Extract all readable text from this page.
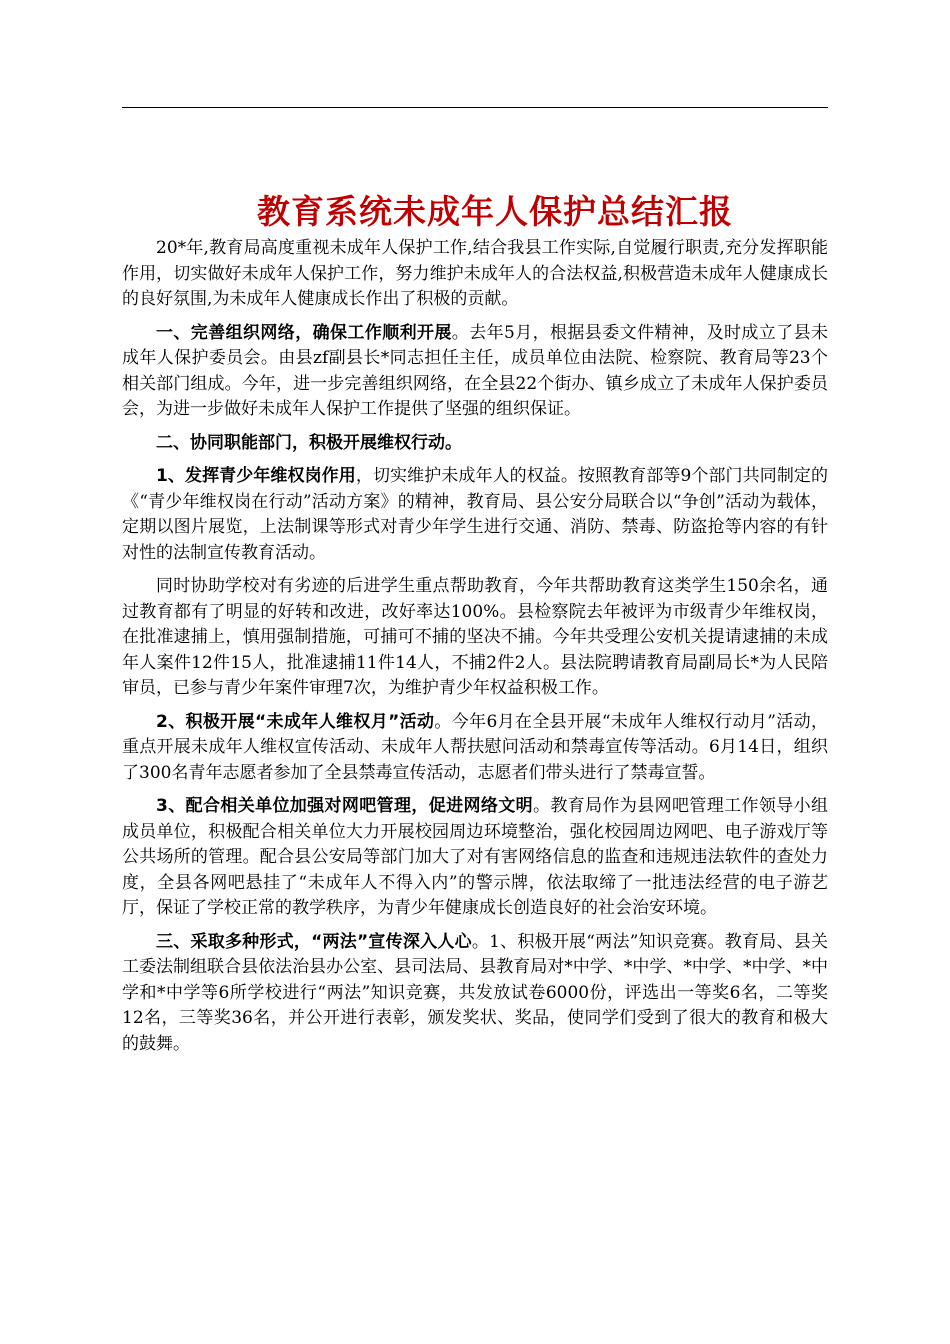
教育系统未成年人保护总结汇报

20*年,教育局高度重视未成年人保护工作,结合我县工作实际,自觉履行职责,充分发挥职能作用，切实做好未成年人保护工作，努力维护未成年人的合法权益,积极营造未成年人健康成长的良好氛围,为未成年人健康成长作出了积极的贡献。

一、完善组织网络，确保工作顺利开展。去年5月，根据县委文件精神，及时成立了县未成年人保护委员会。由县zf副县长*同志担任主任，成员单位由法院、检察院、教育局等23个相关部门组成。今年，进一步完善组织网络，在全县22个街办、镇乡成立了未成年人保护委员会，为进一步做好未成年人保护工作提供了坚强的组织保证。

二、协同职能部门，积极开展维权行动。

1、发挥青少年维权岗作用，切实维护未成年人的权益。按照教育部等9个部门共同制定的《“青少年维权岗在行动”活动方案》的精神，教育局、县公安分局联合以“争创”活动为载体，定期以图片展览，上法制课等形式对青少年学生进行交通、消防、禁毒、防盗抢等内容的有针对性的法制宣传教育活动。

同时协助学校对有劣迹的后进学生重点帮助教育，今年共帮助教育这类学生150余名，通过教育都有了明显的好转和改进，改好率达100%。县检察院去年被评为市级青少年维权岗，在批准逮捕上，慎用强制措施，可捕可不捕的坚决不捕。今年共受理公安机关提请逮捕的未成年人案件12件15人，批准逮捕11件14人，不捕2件2人。县法院聘请教育局副局长*为人民陪审员，已参与青少年案件审理7次，为维护青少年权益积极工作。

2、积极开展“未成年人维权月”活动。今年6月在全县开展“未成年人维权行动月”活动，重点开展未成年人维权宣传活动、未成年人帮扶慰问活动和禁毒宣传等活动。6月14日，组织了300名青年志愿者参加了全县禁毒宣传活动，志愿者们带头进行了禁毒宣誓。

3、配合相关单位加强对网吧管理，促进网络文明。教育局作为县网吧管理工作领导小组成员单位，积极配合相关单位大力开展校园周边环境整治，强化校园周边网吧、电子游戏厅等公共场所的管理。配合县公安局等部门加大了对有害网络信息的监查和违规违法软件的查处力度，全县各网吧悬挂了“未成年人不得入内”的警示牌，依法取缔了一批违法经营的电子游艺厅，保证了学校正常的教学秩序，为青少年健康成长创造良好的社会治安环境。

三、采取多种形式，“两法”宣传深入人心。1、积极开展“两法”知识竞赛。教育局、县关工委法制组联合县依法治县办公室、县司法局、县教育局对*中学、*中学、*中学、*中学、*中学和*中学等6所学校进行“两法”知识竞赛，共发放试卷6000份，评选出一等奖6名，二等奖12名，三等奖36名，并公开进行表彰，颁发奖状、奖品，使同学们受到了很大的教育和极大的鼓舞。
